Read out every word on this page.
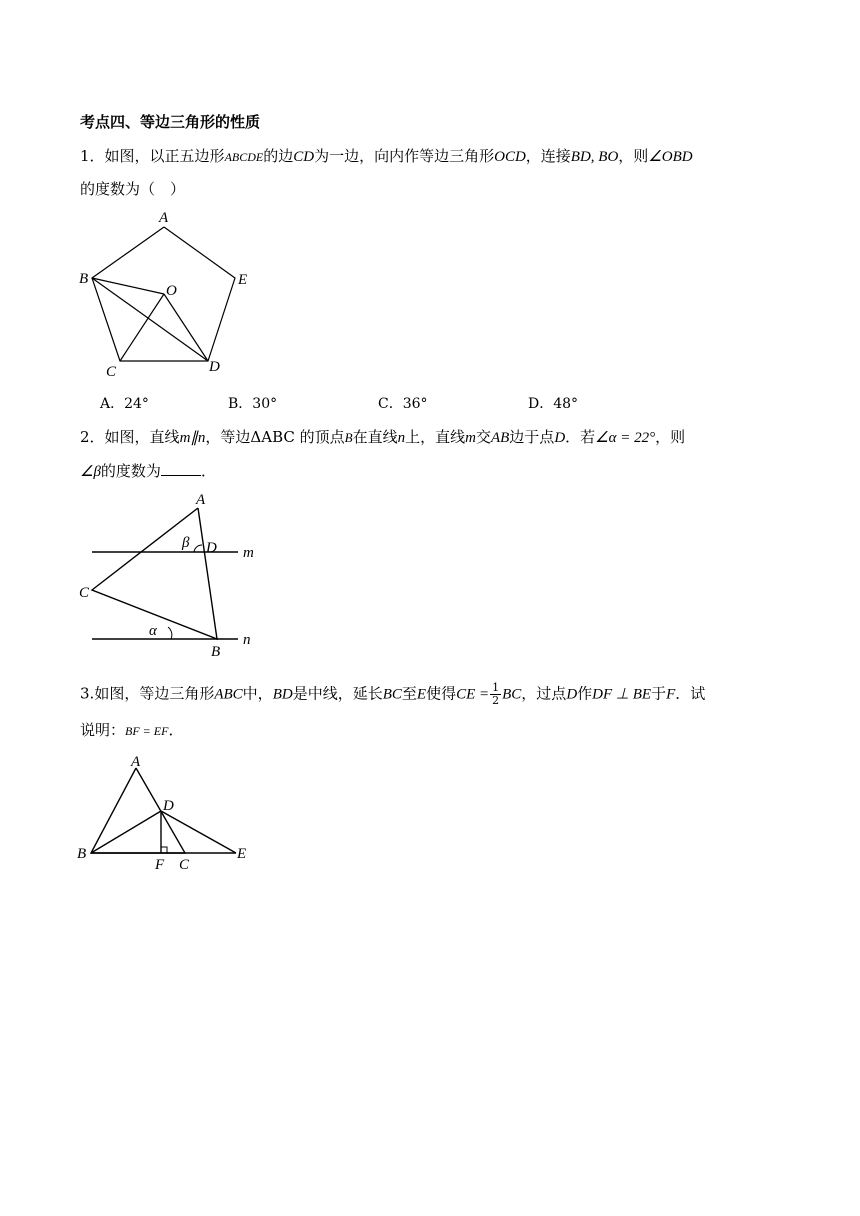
考点四、等边三角形的性质
1．如图，以正五边形ABCDE的边CD为一边，向内作等边三角形OCD，连接BD, BO，则∠OBD
的度数为（　）
A
B	E
O
C	D
A．24°	B．30°	C．36°	D．48°
2．如图，直线m∥n，等边ΔABC 的顶点B在直线n上，直线m交AB边于点D．若∠α = 22°，则
∠β的度数为	．
A
β D m
C
α
n
B
3.如图，等边三角形ABC中，BD是中线，延长BC至E使得CE = $\frac{1}{2}$ BC，过点D作DF ⊥ BE于F．试
说明：BF = EF．
A
D
B	E
F C
